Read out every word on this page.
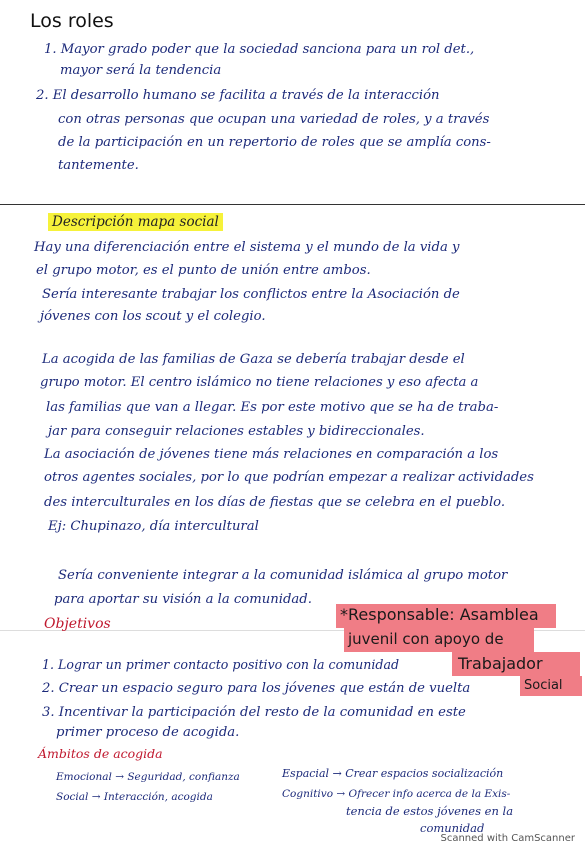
Los roles
1. Mayor grado poder que la sociedad sanciona para un rol det.,
mayor será la tendencia
2. El desarrollo humano se facilita a través de la interacción
con otras personas que ocupan una variedad de roles, y a través
de la participación en un repertorio de roles que se amplía cons-
tantemente.
Descripción mapa social
Hay una diferenciación entre el sistema y el mundo de la vida y
el grupo motor, es el punto de unión entre ambos.
Sería interesante trabajar los conflictos entre la Asociación de
jóvenes con los scout y el colegio.
La acogida de las familias de Gaza se debería trabajar desde el
grupo motor. El centro islámico no tiene relaciones y eso afecta a
las familias que van a llegar. Es por este motivo que se ha de traba-
jar para conseguir relaciones estables y bidireccionales.
La asociación de jóvenes tiene más relaciones en comparación a los
otros agentes sociales, por lo que podrían empezar a realizar actividades
des interculturales en los días de fiestas que se celebra en el pueblo.
Ej: Chupinazo, día intercultural
Sería conveniente integrar a la comunidad islámica al grupo motor
para aportar su visión a la comunidad.
Objetivos	*Responsable: Asamblea
juvenil con apoyo de
Trabajador
Social
1. Lograr un primer contacto positivo con la comunidad
2. Crear un espacio seguro para los jóvenes que están de vuelta
3. Incentivar la participación del resto de la comunidad en este
primer proceso de acogida.
Ámbitos de acogida
Emocional → Seguridad, confianza
Social → Interacción, acogida
Espacial → Crear espacios socialización
Cognitivo → Ofrecer info acerca de la Exis-
tencia de estos jóvenes en la
comunidad
Scanned with CamScanner
